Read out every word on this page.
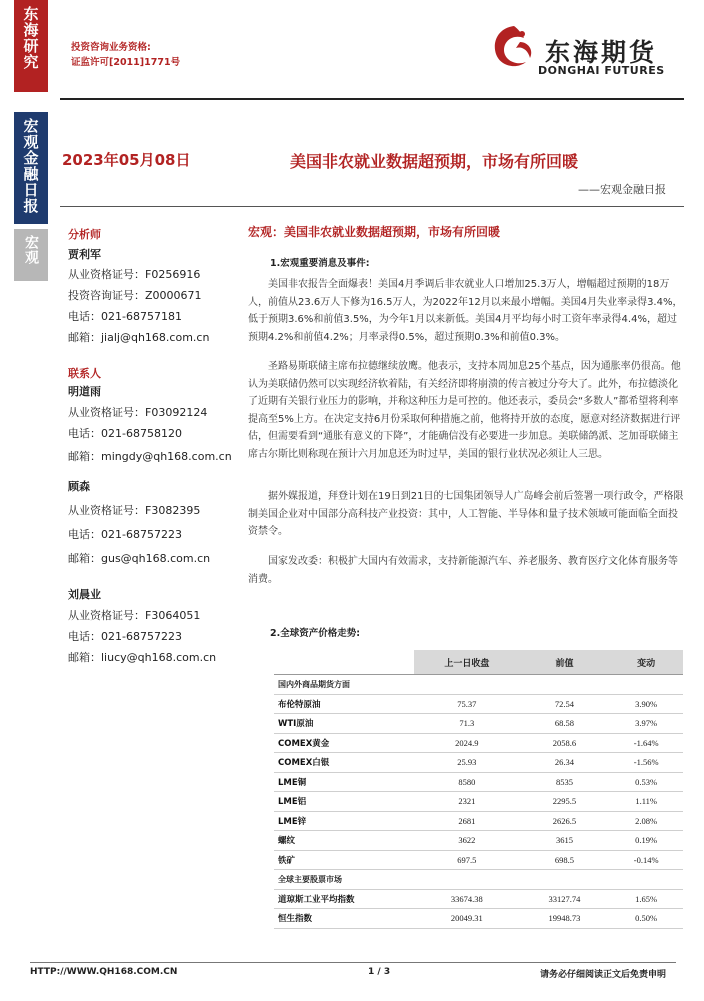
东海研究
宏观金融日报
宏观
投资咨询业务资格:
证监许可[2011]1771号	东海期货
DONGHAI FUTURES
2023年05月08日	美国非农就业数据超预期，市场有所回暖
——宏观金融日报
分析师
贾利军
从业资格证号：F0256916
投资咨询证号：Z0000671
电话：021-68757181
邮箱：jialj@qh168.com.cn
联系人
明道雨
从业资格证号：F03092124
电话：021-68758120
邮箱：mingdy@qh168.com.cn
顾森
从业资格证号：F3082395
电话：021-68757223
邮箱：gus@qh168.com.cn
刘晨业
从业资格证号：F3064051
电话：021-68757223
邮箱：liucy@qh168.com.cn
宏观：美国非农就业数据超预期，市场有所回暖
1.宏观重要消息及事件:
美国非农报告全面爆表！美国4月季调后非农就业人口增加25.3万人，增幅超过预期的18万人，前值从23.6万人下修为16.5万人，为2022年12月以来最小增幅。美国4月失业率录得3.4%，低于预期3.6%和前值3.5%，为今年1月以来新低。美国4月平均每小时工资年率录得4.4%，超过预期4.2%和前值4.2%；月率录得0.5%，超过预期0.3%和前值0.3%。
圣路易斯联储主席布拉德继续放鹰。他表示，支持本周加息25个基点，因为通胀率仍很高。他认为美联储仍然可以实现经济软着陆，有关经济即将崩溃的传言被过分夸大了。此外，布拉德淡化了近期有关银行业压力的影响，并称这种压力是可控的。他还表示，委员会“多数人”都希望将利率提高至5%上方。在决定支持6月份采取何种措施之前，他将持开放的态度，愿意对经济数据进行评估，但需要看到“通胀有意义的下降”，才能确信没有必要进一步加息。美联储鸽派、芝加哥联储主席古尔斯比则称现在预计六月加息还为时过早，美国的银行业状况必须让人三思。
据外媒报道，拜登计划在19日到21日的七国集团领导人广岛峰会前后签署一项行政令，严格限制美国企业对中国部分高科技产业投资：其中，人工智能、半导体和量子技术领域可能面临全面投资禁令。
国家发改委：积极扩大国内有效需求，支持新能源汽车、养老服务、教育医疗文化体育服务等消费。
2.全球资产价格走势:
	上一日收盘	前值	变动
国内外商品期货方面			
布伦特原油	75.37	72.54	3.90%
WTI原油	71.3	68.58	3.97%
COMEX黄金	2024.9	2058.6	-1.64%
COMEX白银	25.93	26.34	-1.56%
LME铜	8580	8535	0.53%
LME铝	2321	2295.5	1.11%
LME锌	2681	2626.5	2.08%
螺纹	3622	3615	0.19%
铁矿	697.5	698.5	-0.14%
全球主要股票市场			
道琼斯工业平均指数	33674.38	33127.74	1.65%
恒生指数	20049.31	19948.73	0.50%
HTTP://WWW.QH168.COM.CN	1 / 3	请务必仔细阅读正文后免责申明
